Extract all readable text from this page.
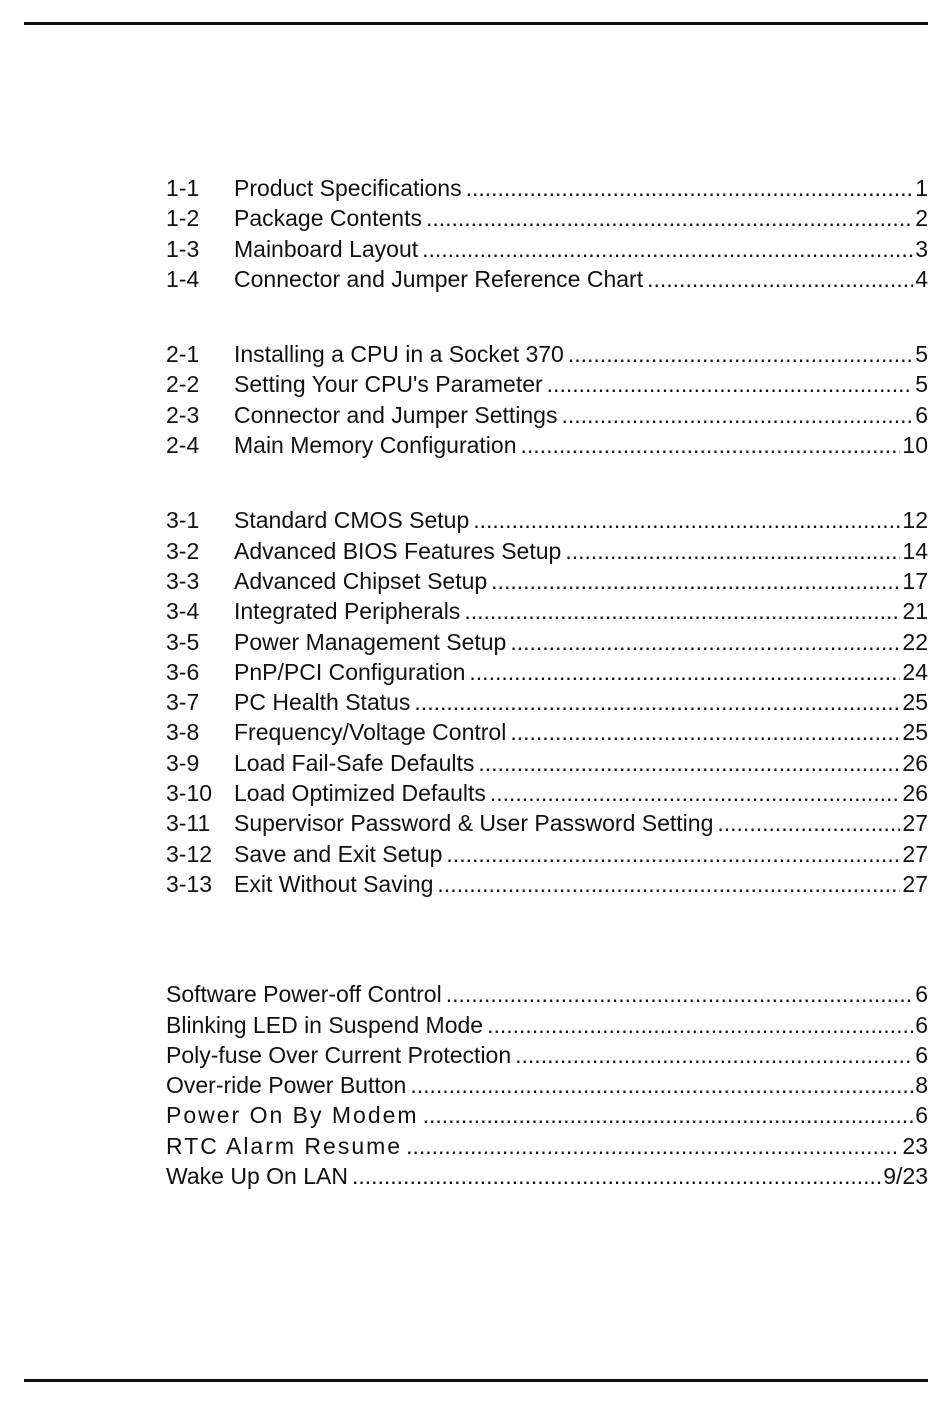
1-1	Product Specifications .....	1
1-2	Package Contents .....	2
1-3	Mainboard Layout .....	3
1-4	Connector and Jumper Reference Chart .....	4
2-1	Installing a CPU in a Socket 370 .....	5
2-2	Setting Your CPU's Parameter .....	5
2-3	Connector and Jumper Settings .....	6
2-4	Main Memory Configuration .....	10
3-1	Standard CMOS Setup .....	12
3-2	Advanced BIOS Features Setup .....	14
3-3	Advanced Chipset Setup .....	17
3-4	Integrated Peripherals .....	21
3-5	Power Management Setup .....	22
3-6	PnP/PCI Configuration .....	24
3-7	PC Health Status .....	25
3-8	Frequency/Voltage Control .....	25
3-9	Load Fail-Safe Defaults .....	26
3-10 Load Optimized Defaults .....	26
3-11	Supervisor Password & User Password Setting .....	27
3-12 Save and Exit Setup .....	27
3-13 Exit Without Saving .....	27
Software Power-off Control .....	6
Blinking LED in Suspend Mode .....	6
Poly-fuse Over Current Protection .....	6
Over-ride Power Button .....	8
Power On By Modem .....	6
RTC Alarm Resume .....	23
Wake Up On LAN .....	9/23
